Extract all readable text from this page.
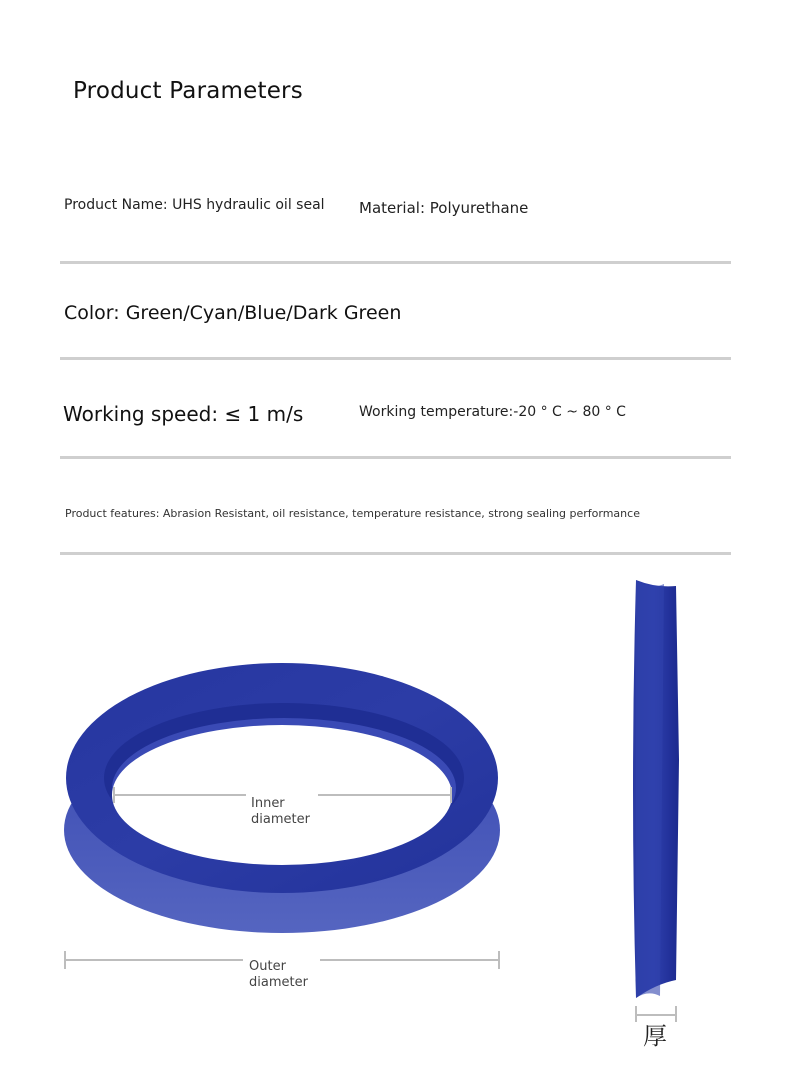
Product Parameters
Product Name: UHS hydraulic oil seal Material: Polyurethane
Color: Green/Cyan/Blue/Dark Green
Working speed: ≤ 1 m/s	Working temperature:-20 ° C ~ 80 ° C
Product features: Abrasion Resistant, oil resistance, temperature resistance, strong sealing performance
Inner
diameter
Outer
diameter
厚
